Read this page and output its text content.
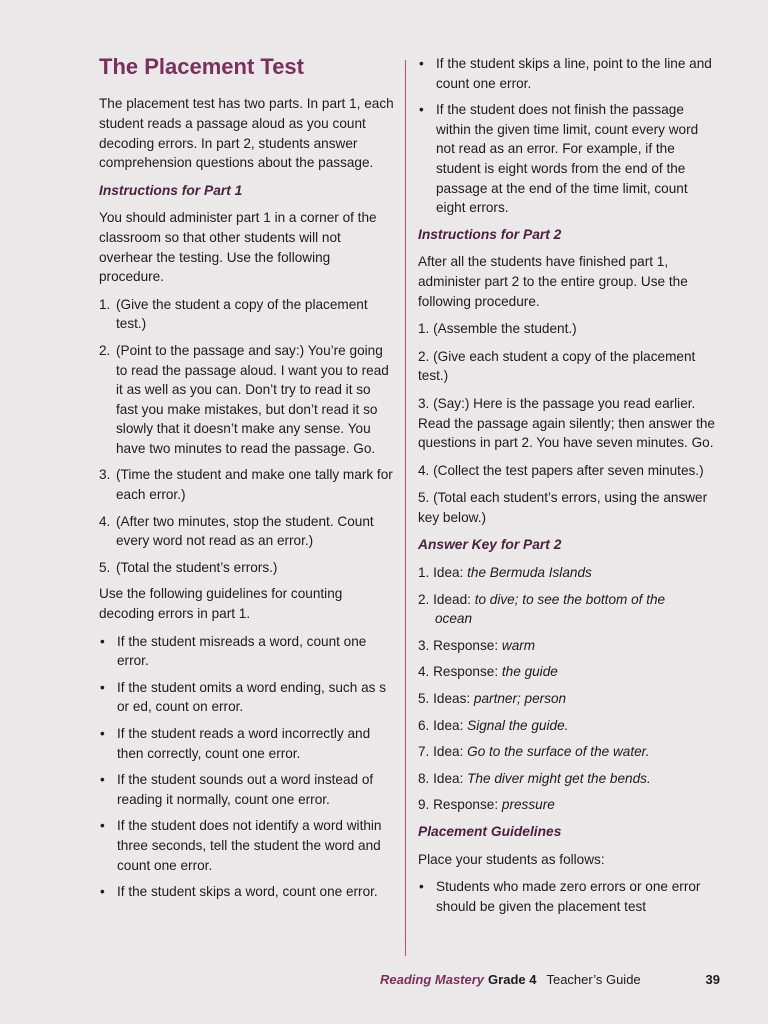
The Placement Test

The placement test has two parts. In part 1, each student reads a passage aloud as you count decoding errors. In part 2, students answer comprehension questions about the passage.

Instructions for Part 1

You should administer part 1 in a corner of the classroom so that other students will not overhear the testing. Use the following procedure.

1. (Give the student a copy of the placement test.)
2. (Point to the passage and say:) You’re going to read the passage aloud. I want you to read it as well as you can. Don’t try to read it so fast you make mistakes, but don’t read it so slowly that it doesn’t make any sense. You have two minutes to read the passage. Go.
3. (Time the student and make one tally mark for each error.)
4. (After two minutes, stop the student. Count every word not read as an error.)
5. (Total the student’s errors.)

Use the following guidelines for counting decoding errors in part 1.

• If the student misreads a word, count one error.
• If the student omits a word ending, such as s or ed, count on error.
• If the student reads a word incorrectly and then correctly, count one error.
• If the student sounds out a word instead of reading it normally, count one error.
• If the student does not identify a word within three seconds, tell the student the word and count one error.
• If the student skips a word, count one error.
• If the student skips a line, point to the line and count one error.
• If the student does not finish the passage within the given time limit, count every word not read as an error. For example, if the student is eight words from the end of the passage at the end of the time limit, count eight errors.
Instructions for Part 2

After all the students have finished part 1, administer part 2 to the entire group. Use the following procedure.

1. (Assemble the student.)

2. (Give each student a copy of the placement test.)

3. (Say:) Here is the passage you read earlier. Read the passage again silently; then answer the questions in part 2. You have seven minutes. Go.

4. (Collect the test papers after seven minutes.)

5. (Total each student’s errors, using the answer key below.)

Answer Key for Part 2
1. Idea: the Bermuda Islands
2. Idead: to dive; to see the bottom of the
ocean
3. Response: warm
4. Response: the guide
5. Ideas: partner; person
6. Idea: Signal the guide.
7. Idea: Go to the surface of the water.
8. Idea: The diver might get the bends.
9. Response: pressure
Placement Guidelines

Place your students as follows:

• Students who made zero errors or one error should be given the placement test
Reading Mastery Grade 4 Teacher’s Guide	39
